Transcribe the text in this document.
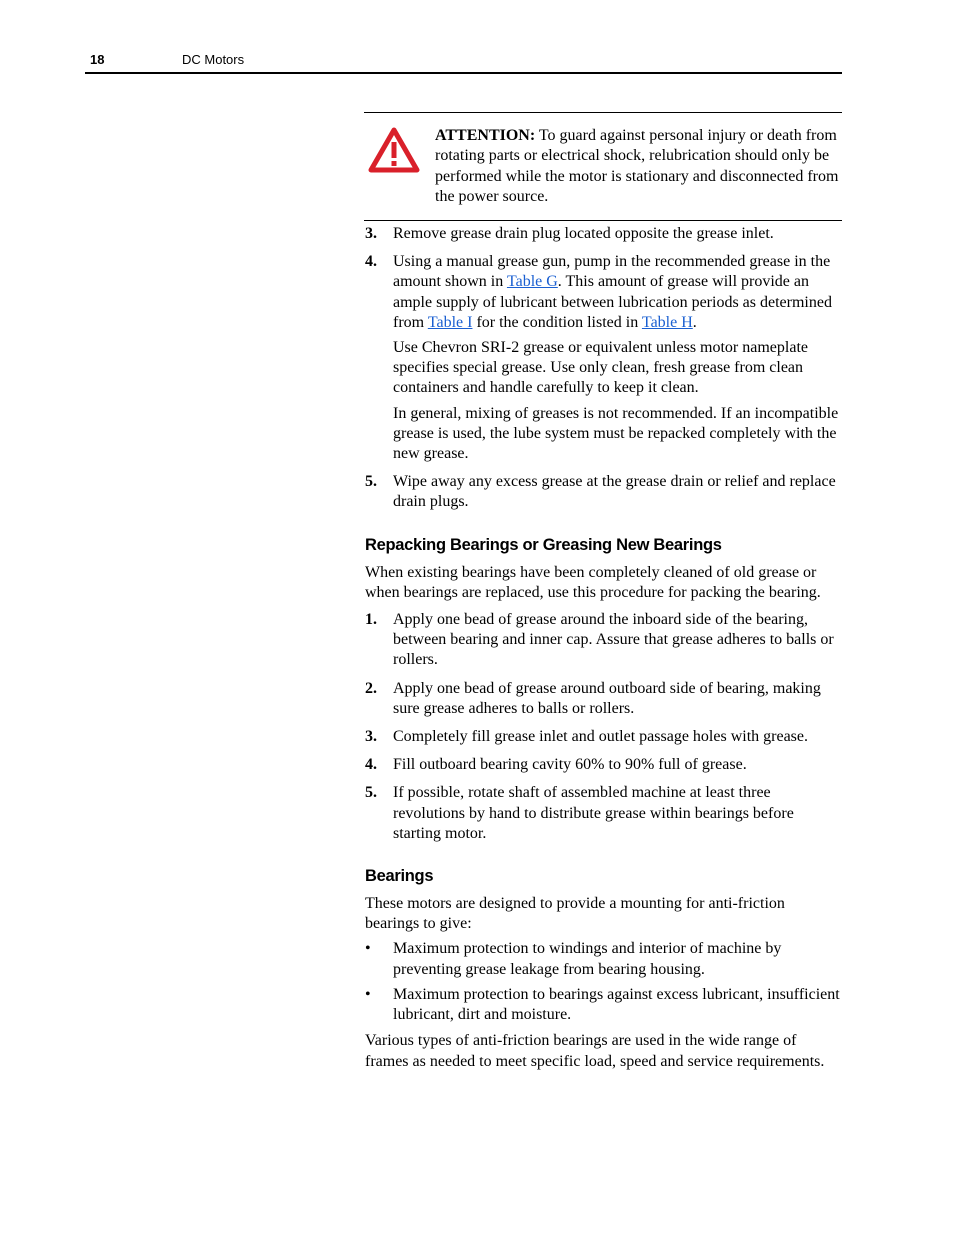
18	DC Motors
ATTENTION: To guard against personal injury or death from rotating parts or electrical shock, relubrication should only be performed while the motor is stationary and disconnected from the power source.
3. Remove grease drain plug located opposite the grease inlet.

4. Using a manual grease gun, pump in the recommended grease in the amount shown in Table G. This amount of grease will provide an ample supply of lubricant between lubrication periods as determined from Table I for the condition listed in Table H.

Use Chevron SRI-2 grease or equivalent unless motor nameplate specifies special grease. Use only clean, fresh grease from clean containers and handle carefully to keep it clean.

In general, mixing of greases is not recommended. If an incompatible grease is used, the lube system must be repacked completely with the new grease.

5. Wipe away any excess grease at the grease drain or relief and replace drain plugs.

Repacking Bearings or Greasing New Bearings

When existing bearings have been completely cleaned of old grease or when bearings are replaced, use this procedure for packing the bearing.

1. Apply one bead of grease around the inboard side of the bearing, between bearing and inner cap. Assure that grease adheres to balls or rollers.

2. Apply one bead of grease around outboard side of bearing, making sure grease adheres to balls or rollers.

3. Completely fill grease inlet and outlet passage holes with grease.

4. Fill outboard bearing cavity 60% to 90% full of grease.

5. If possible, rotate shaft of assembled machine at least three revolutions by hand to distribute grease within bearings before starting motor.

Bearings

These motors are designed to provide a mounting for anti-friction bearings to give:

• Maximum protection to windings and interior of machine by preventing grease leakage from bearing housing.

• Maximum protection to bearings against excess lubricant, insufficient lubricant, dirt and moisture.

Various types of anti-friction bearings are used in the wide range of frames as needed to meet specific load, speed and service requirements.
